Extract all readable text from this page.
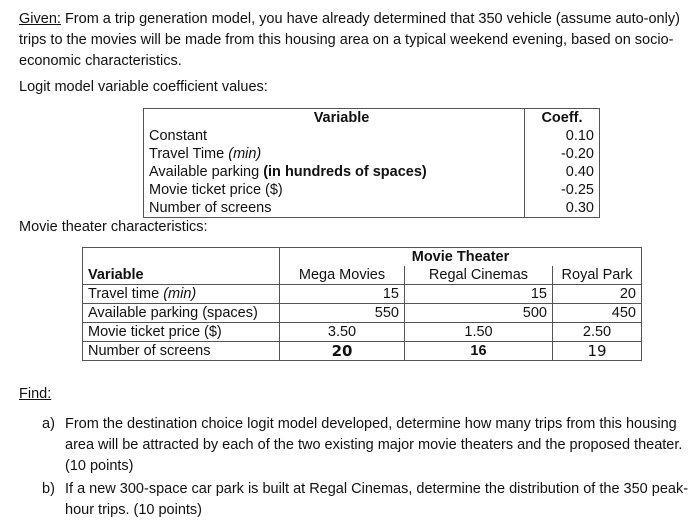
Given: From a trip generation model, you have already determined that 350 vehicle (assume auto-only) trips to the movies will be made from this housing area on a typical weekend evening, based on socio-economic characteristics.
Logit model variable coefficient values:
Variable	Coeff.
Constant	0.10
Travel Time (min)	-0.20
Available parking (in hundreds of spaces)	0.40
Movie ticket price ($)	-0.25
Number of screens	0.30
Movie theater characteristics:
	Movie Theater		
Variable	Mega Movies	Regal Cinemas	Royal Park
Travel time (min)	15	15	20
Available parking (spaces)	550	500	450
Movie ticket price ($)	3.50	1.50	2.50
Number of screens	20	16	19
Find:
a) From the destination choice logit model developed, determine how many trips from this housing area will be attracted by each of the two existing major movie theaters and the proposed theater. (10 points)
b) If a new 300-space car park is built at Regal Cinemas, determine the distribution of the 350 peak-hour trips. (10 points)
